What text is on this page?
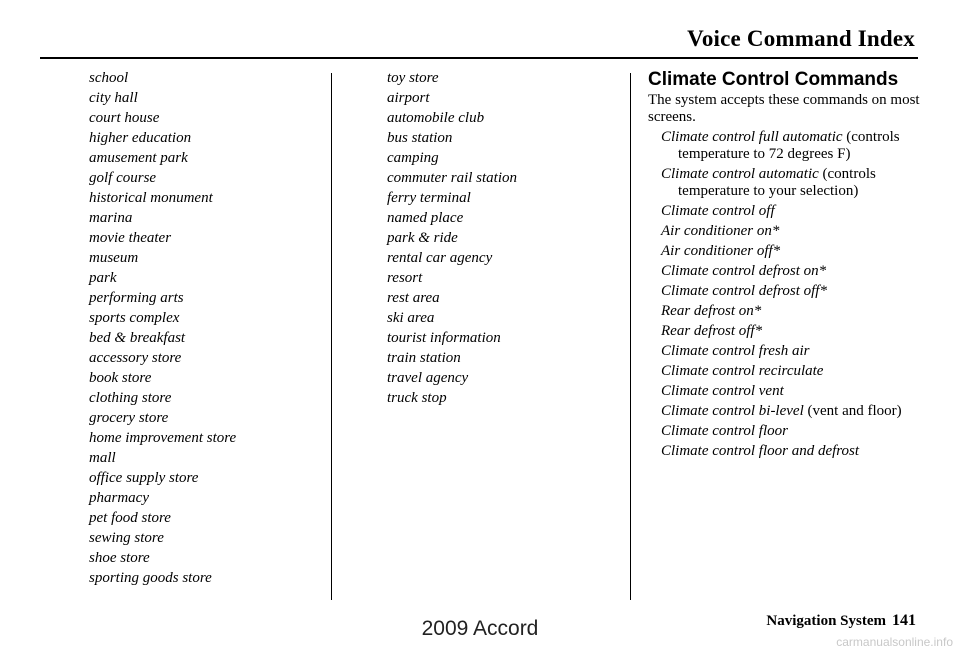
Voice Command Index
school
city hall
court house
higher education
amusement park
golf course
historical monument
marina
movie theater
museum
park
performing arts
sports complex
bed & breakfast
accessory store
book store
clothing store
grocery store
home improvement store
mall
office supply store
pharmacy
pet food store
sewing store
shoe store
sporting goods store
toy store
airport
automobile club
bus station
camping
commuter rail station
ferry terminal
named place
park & ride
rental car agency
resort
rest area
ski area
tourist information
train station
travel agency
truck stop
Climate Control Commands
The system accepts these commands on most screens.
Climate control full automatic (controls temperature to 72 degrees F)
Climate control automatic (controls temperature to your selection)
Climate control off
Air conditioner on*
Air conditioner off*
Climate control defrost on*
Climate control defrost off*
Rear defrost on*
Rear defrost off*
Climate control fresh air
Climate control recirculate
Climate control vent
Climate control bi-level (vent and floor)
Climate control floor
Climate control floor and defrost
Navigation System 141
2009 Accord
carmanualsonline.info
